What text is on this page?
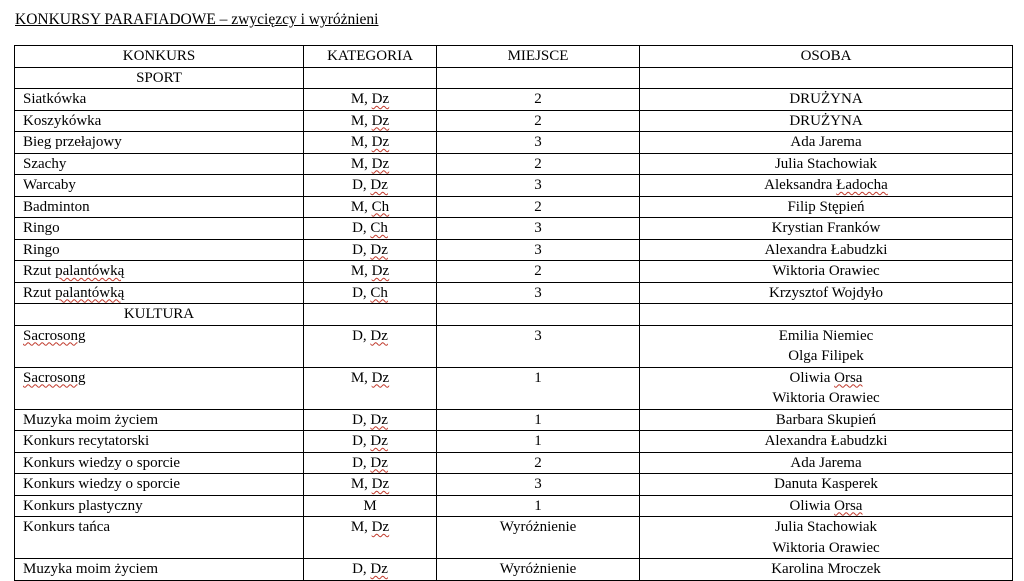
KONKURSY PARAFIADOWE – zwycięzcy i wyróżnieni
KONKURS	KATEGORIA	MIEJSCE	OSOBA
SPORT			
Siatkówka	M, Dz	2	DRUŻYNA

Koszykówka	M, Dz	2	DRUŻYNA

Bieg przełajowy	M, Dz	3	Ada Jarema

Szachy	M, Dz	2	Julia Stachowiak

Warcaby	D, Dz	3	Aleksandra Ładocha

Badminton	M, Ch	2	Filip Stępień

Ringo	D, Ch	3	Krystian Franków

Ringo	D, Dz	3	Alexandra Łabudzki

Rzut palantówką	M, Dz	2	Wiktoria Orawiec

Rzut palantówką	D, Ch	3	Krzysztof Wojdyło

KULTURA			
Sacrosong	D, Dz	3	Emilia Niemiec
Olga Filipek

Sacrosong	M, Dz	1	Oliwia Orsa
Wiktoria Orawiec

Muzyka moim życiem	D, Dz	1	Barbara Skupień

Konkurs recytatorski	D, Dz	1	Alexandra Łabudzki

Konkurs wiedzy o sporcie	D, Dz	2	Ada Jarema

Konkurs wiedzy o sporcie	M, Dz	3	Danuta Kasperek

Konkurs plastyczny	M	1	Oliwia Orsa

Konkurs tańca	M, Dz	Wyróżnienie	Julia Stachowiak
Wiktoria Orawiec

Muzyka moim życiem	D, Dz	Wyróżnienie	Karolina Mroczek
